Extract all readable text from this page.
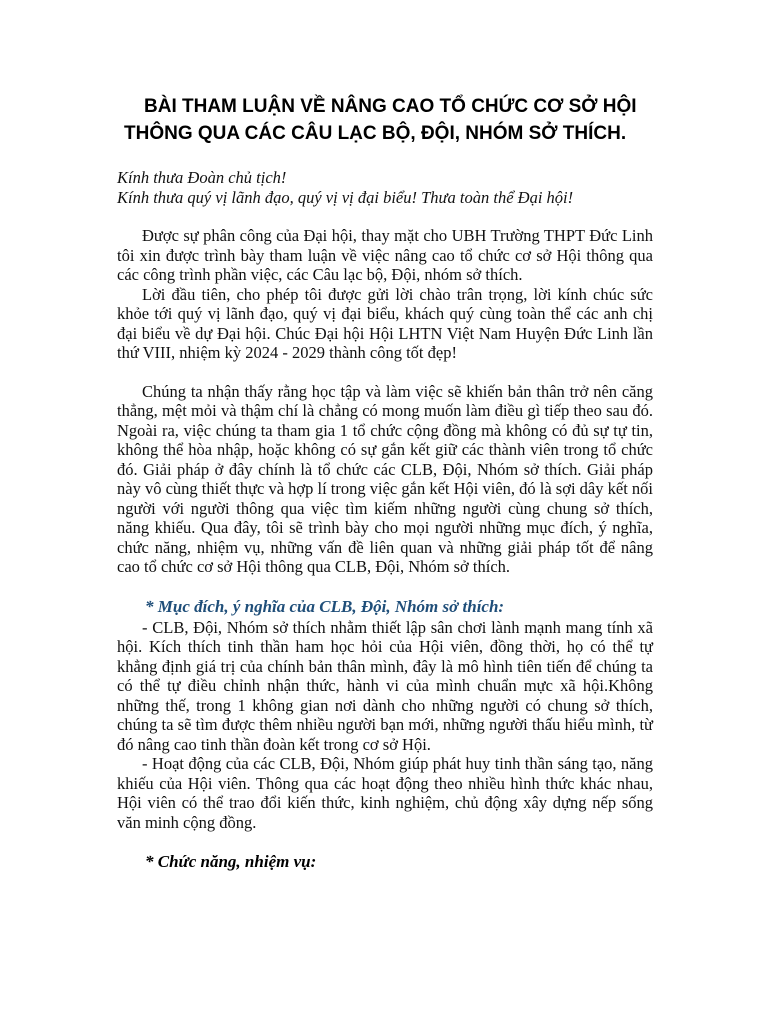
BÀI THAM LUẬN VỀ NÂNG CAO TỔ CHỨC CƠ SỞ HỘI
THÔNG QUA CÁC CÂU LẠC BỘ, ĐỘI, NHÓM SỞ THÍCH.
Kính thưa Đoàn chủ tịch!
Kính thưa quý vị lãnh đạo, quý vị vị đại biểu! Thưa toàn thể Đại hội!

Được sự phân công của Đại hội, thay mặt cho UBH Trường THPT Đức Linh tôi xin được trình bày tham luận về việc nâng cao tổ chức cơ sở Hội thông qua các công trình phần việc, các Câu lạc bộ, Đội, nhóm sở thích.

Lời đầu tiên, cho phép tôi được gửi lời chào trân trọng, lời kính chúc sức khỏe tới quý vị lãnh đạo, quý vị đại biểu, khách quý cùng toàn thể các anh chị đại biểu về dự Đại hội. Chúc Đại hội Hội LHTN Việt Nam Huyện Đức Linh lần thứ VIII, nhiệm kỳ 2024 - 2029 thành công tốt đẹp!

Chúng ta nhận thấy rằng học tập và làm việc sẽ khiến bản thân trở nên căng thẳng, mệt mỏi và thậm chí là chẳng có mong muốn làm điều gì tiếp theo sau đó. Ngoài ra, việc chúng ta tham gia 1 tổ chức cộng đồng mà không có đủ sự tự tin, không thể hòa nhập, hoặc không có sự gắn kết giữ các thành viên trong tổ chức đó. Giải pháp ở đây chính là tổ chức các CLB, Đội, Nhóm sở thích. Giải pháp này vô cùng thiết thực và hợp lí trong việc gắn kết Hội viên, đó là sợi dây kết nối người với người thông qua việc tìm kiếm những người cùng chung sở thích, năng khiếu. Qua đây, tôi sẽ trình bày cho mọi người những mục đích, ý nghĩa, chức năng, nhiệm vụ, những vấn đề liên quan và những giải pháp tốt để nâng cao tổ chức cơ sở Hội thông qua CLB, Đội, Nhóm sở thích.

* Mục đích, ý nghĩa của CLB, Đội, Nhóm sở thích:

- CLB, Đội, Nhóm sở thích nhằm thiết lập sân chơi lành mạnh mang tính xã hội. Kích thích tinh thần ham học hỏi của Hội viên, đồng thời, họ có thể tự khẳng định giá trị của chính bản thân mình, đây là mô hình tiên tiến để chúng ta có thể tự điều chỉnh nhận thức, hành vi của mình chuẩn mực xã hội.Không những thế, trong 1 không gian nơi dành cho những người có chung sở thích, chúng ta sẽ tìm được thêm nhiều người bạn mới, những người thấu hiểu mình, từ đó nâng cao tinh thần đoàn kết trong cơ sở Hội.

- Hoạt động của các CLB, Đội, Nhóm giúp phát huy tinh thần sáng tạo, năng khiếu của Hội viên. Thông qua các hoạt động theo nhiều hình thức khác nhau, Hội viên có thể trao đổi kiến thức, kinh nghiệm, chủ động xây dựng nếp sống văn minh cộng đồng.

* Chức năng, nhiệm vụ:
